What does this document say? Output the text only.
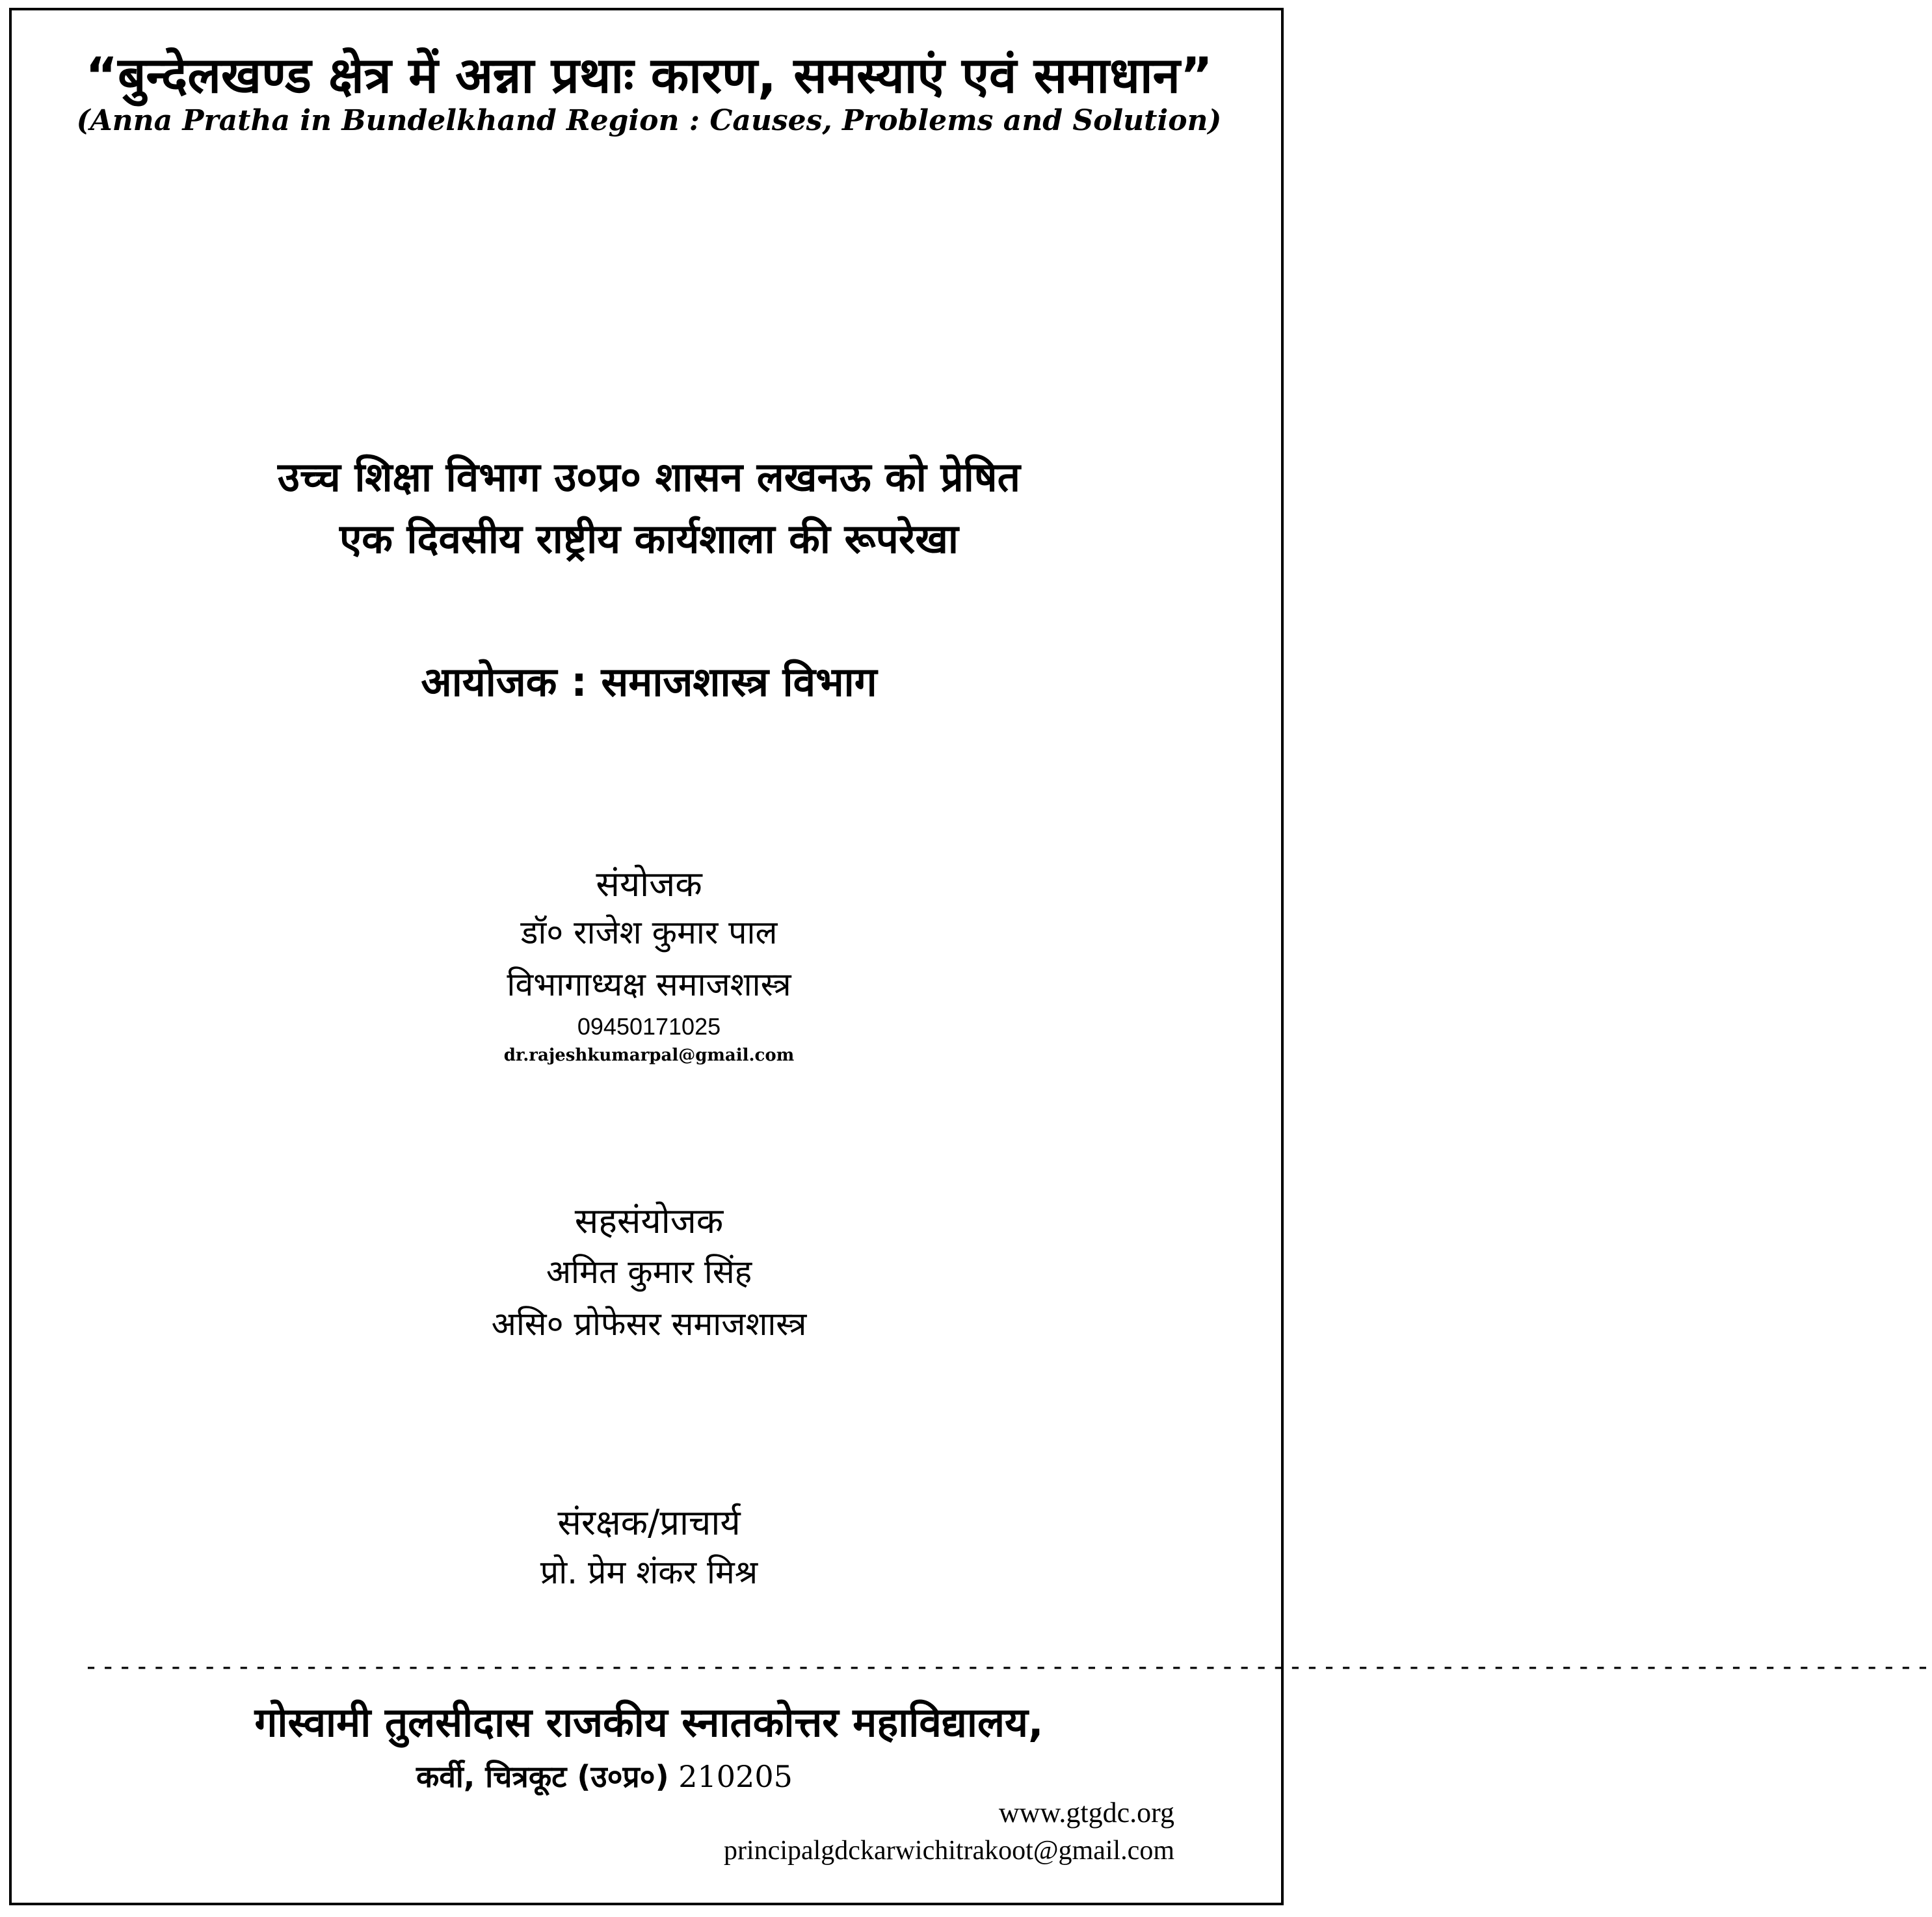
“बुन्देलखण्ड क्षेत्र में अन्ना प्रथाः कारण, समस्याएं एवं समाधान”
(Anna Pratha in Bundelkhand Region : Causes, Problems and Solution)
उच्च शिक्षा विभाग उ०प्र० शासन लखनऊ को प्रेषित
एक दिवसीय राष्ट्रीय कार्यशाला की रूपरेखा
आयोजक : समाजशास्त्र विभाग
संयोजक
डॉ० राजेश कुमार पाल
विभागाध्यक्ष समाजशास्त्र
09450171025
dr.rajeshkumarpal@gmail.com
सहसंयोजक
अमित कुमार सिंह
असि० प्रोफेसर समाजशास्त्र
संरक्षक/प्राचार्य
प्रो. प्रेम शंकर मिश्र
-------------------------------------------------------------------------------------------------------------
गोस्वामी तुलसीदास राजकीय स्नातकोत्तर महाविद्यालय,
कर्वी, चित्रकूट (उ०प्र०) 210205
www.gtgdc.org
principalgdckarwichitrakoot@gmail.com
